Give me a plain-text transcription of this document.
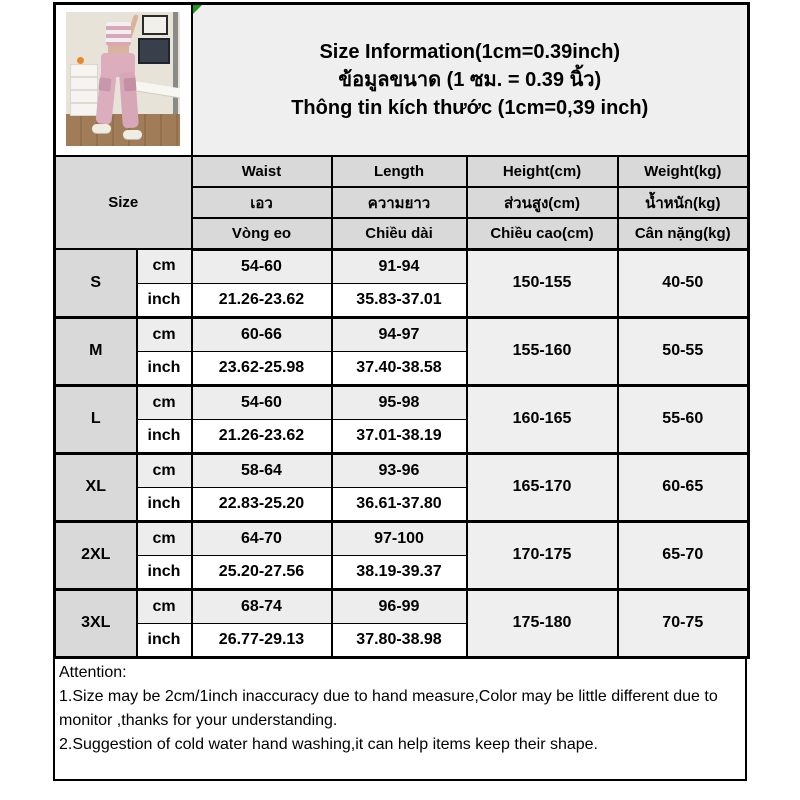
		Size Information(1cm=0.39inch)
ข้อมูลขนาด (1 ซม. = 0.39 นิ้ว)
Thông tin kích thước (1cm=0,39 inch)			

Size		Waist	Length	Height(cm)	Weight(kg)
		เอว	ความยาว	ส่วนสูง(cm)	น้ำหนัก(kg)
		Vòng eo	Chiều dài	Chiều cao(cm)	Cân nặng(kg)
S	cm	54-60	91-94	150-155	40-50
	inch	21.26-23.62	35.83-37.01		
M	cm	60-66	94-97	155-160	50-55
	inch	23.62-25.98	37.40-38.58		
L	cm	54-60	95-98	160-165	55-60
	inch	21.26-23.62	37.01-38.19		
XL	cm	58-64	93-96	165-170	60-65
	inch	22.83-25.20	36.61-37.80		
2XL	cm	64-70	97-100	170-175	65-70
	inch	25.20-27.56	38.19-39.37		
3XL	cm	68-74	96-99	175-180	70-75
	inch	26.77-29.13	37.80-38.98		

Attention:

1.Size may be 2cm/1inch inaccuracy due to hand measure,Color may be little different due to monitor ,thanks for your understanding.

2.Suggestion of cold water hand washing,it can help items keep their shape.
